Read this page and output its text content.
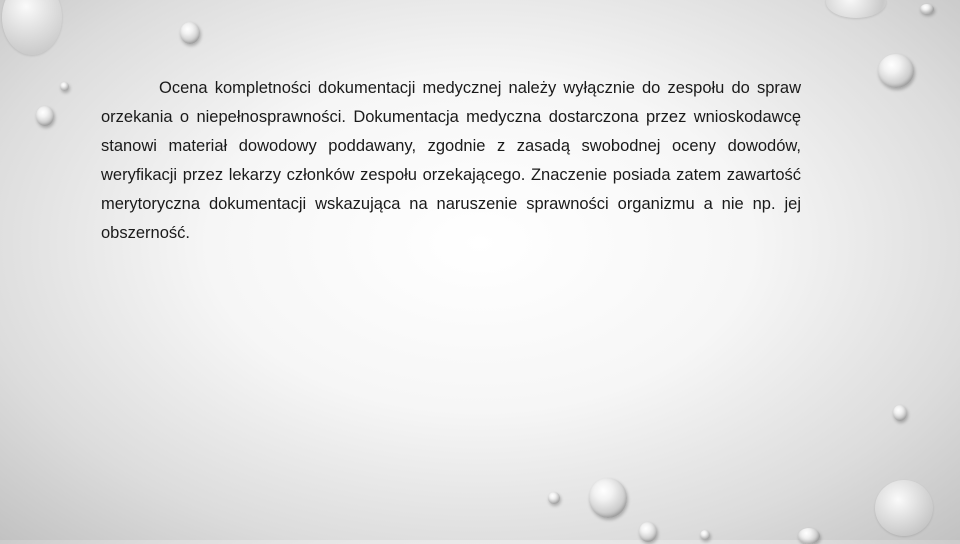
Ocena kompletności dokumentacji medycznej należy wyłącznie do zespołu do spraw orzekania o niepełnosprawności. Dokumentacja medyczna dostarczona przez wnioskodawcę stanowi materiał dowodowy poddawany, zgodnie z zasadą swobodnej oceny dowodów, weryfikacji przez lekarzy członków zespołu orzekającego. Znaczenie posiada zatem zawartość merytoryczna dokumentacji wskazująca na naruszenie sprawności organizmu a nie np. jej obszerność.
